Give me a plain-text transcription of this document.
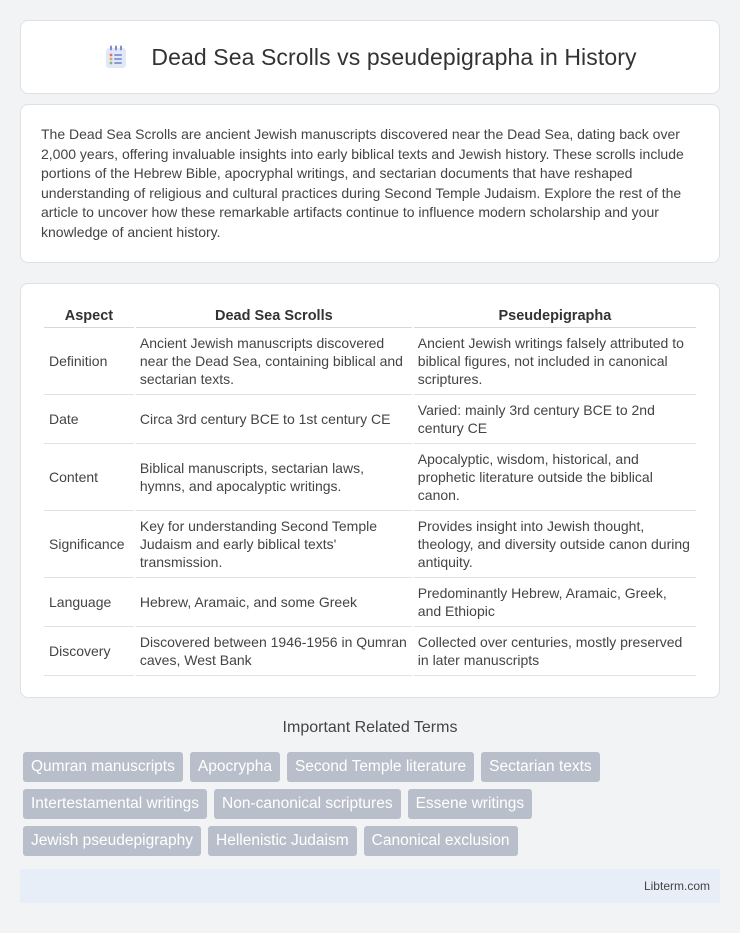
Dead Sea Scrolls vs pseudepigrapha in History

The Dead Sea Scrolls are ancient Jewish manuscripts discovered near the Dead Sea, dating back over 2,000 years, offering invaluable insights into early biblical texts and Jewish history. These scrolls include portions of the Hebrew Bible, apocryphal writings, and sectarian documents that have reshaped understanding of religious and cultural practices during Second Temple Judaism. Explore the rest of the article to uncover how these remarkable artifacts continue to influence modern scholarship and your knowledge of ancient history.

Aspect	Dead Sea Scrolls	Pseudepigrapha
Definition	Ancient Jewish manuscripts discovered near the Dead Sea, containing biblical and sectarian texts.	Ancient Jewish writings falsely attributed to biblical figures, not included in canonical scriptures.
Date	Circa 3rd century BCE to 1st century CE	Varied: mainly 3rd century BCE to 2nd century CE
Content	Biblical manuscripts, sectarian laws, hymns, and apocalyptic writings.	Apocalyptic, wisdom, historical, and prophetic literature outside the biblical canon.
Significance	Key for understanding Second Temple Judaism and early biblical texts' transmission.	Provides insight into Jewish thought, theology, and diversity outside canon during antiquity.
Language	Hebrew, Aramaic, and some Greek	Predominantly Hebrew, Aramaic, Greek, and Ethiopic
Discovery	Discovered between 1946-1956 in Qumran caves, West Bank	Collected over centuries, mostly preserved in later manuscripts
Important Related Terms
Qumran manuscripts	Apocrypha	Second Temple literature	Sectarian texts
Intertestamental writings	Non-canonical scriptures	Essene writings
Jewish pseudepigraphy	Hellenistic Judaism	Canonical exclusion
Libterm.com
